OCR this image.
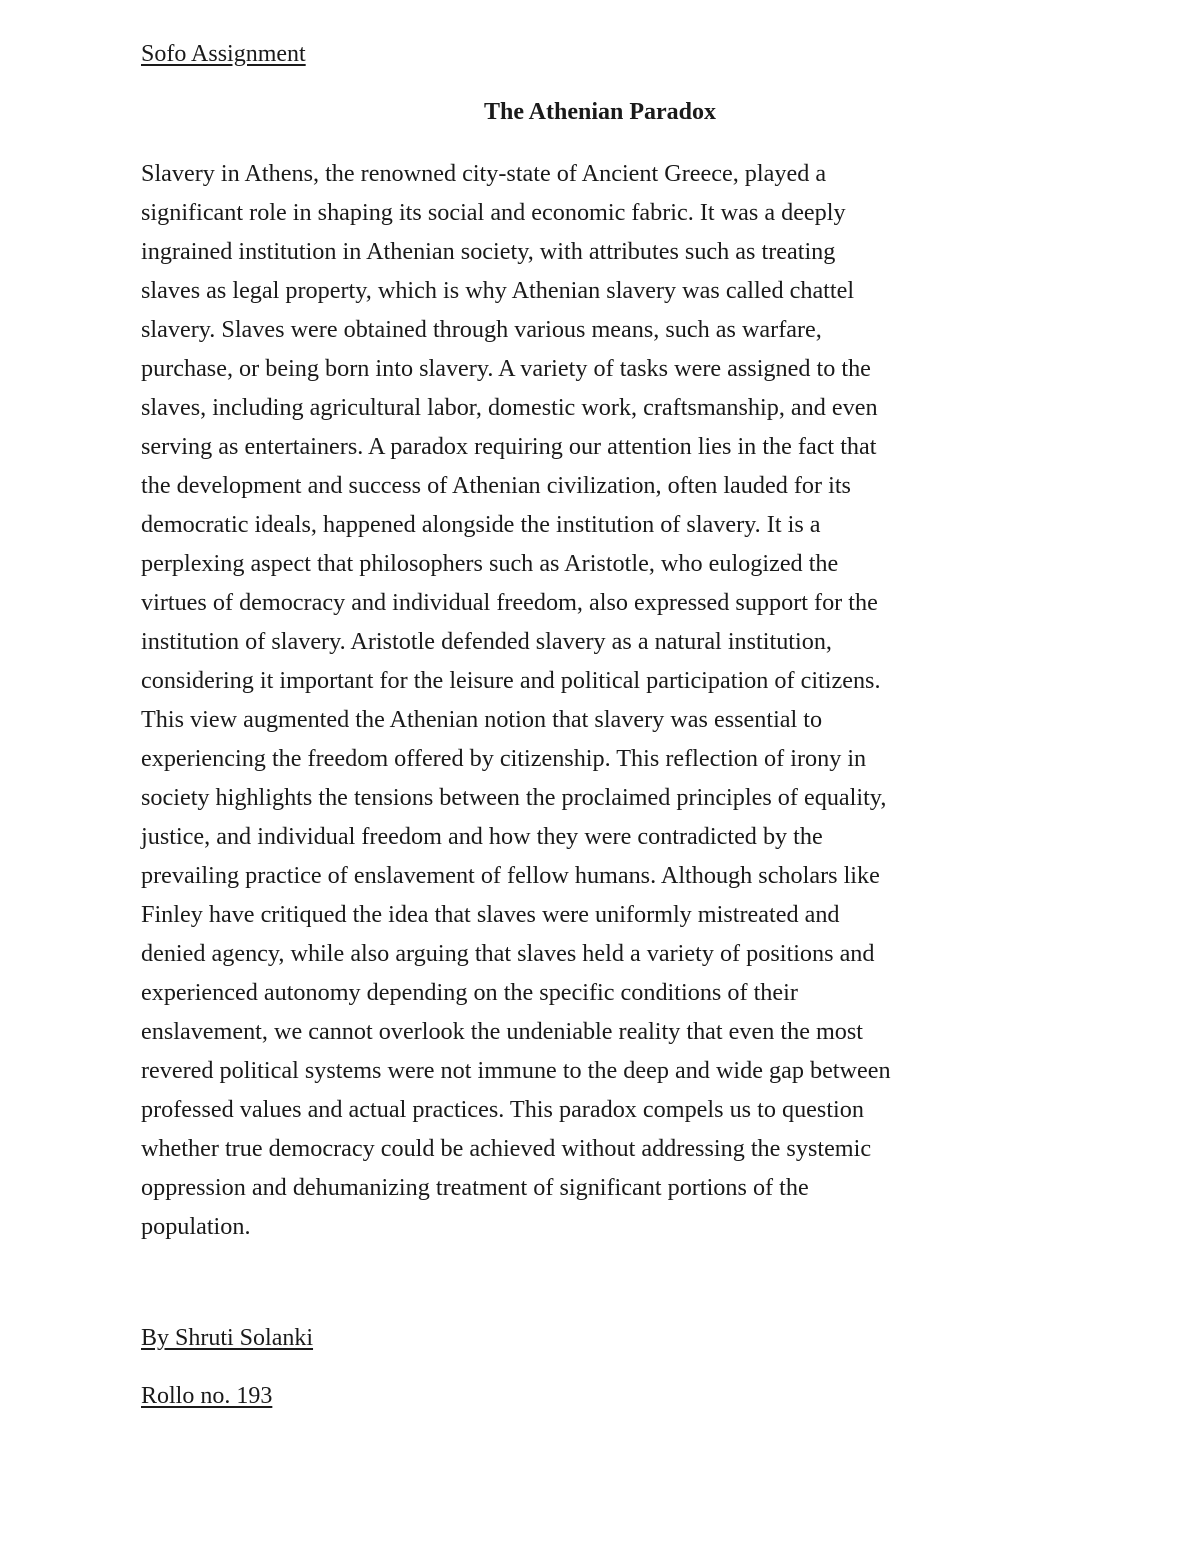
Sofo Assignment

The Athenian Paradox
Slavery in Athens, the renowned city-state of Ancient Greece, played a
significant role in shaping its social and economic fabric. It was a deeply
ingrained institution in Athenian society, with attributes such as treating
slaves as legal property, which is why Athenian slavery was called chattel
slavery. Slaves were obtained through various means, such as warfare,
purchase, or being born into slavery. A variety of tasks were assigned to the
slaves, including agricultural labor, domestic work, craftsmanship, and even
serving as entertainers. A paradox requiring our attention lies in the fact that
the development and success of Athenian civilization, often lauded for its
democratic ideals, happened alongside the institution of slavery. It is a
perplexing aspect that philosophers such as Aristotle, who eulogized the
virtues of democracy and individual freedom, also expressed support for the
institution of slavery. Aristotle defended slavery as a natural institution,
considering it important for the leisure and political participation of citizens.
This view augmented the Athenian notion that slavery was essential to
experiencing the freedom offered by citizenship. This reflection of irony in
society highlights the tensions between the proclaimed principles of equality,
justice, and individual freedom and how they were contradicted by the
prevailing practice of enslavement of fellow humans. Although scholars like
Finley have critiqued the idea that slaves were uniformly mistreated and
denied agency, while also arguing that slaves held a variety of positions and
experienced autonomy depending on the specific conditions of their
enslavement, we cannot overlook the undeniable reality that even the most
revered political systems were not immune to the deep and wide gap between
professed values and actual practices. This paradox compels us to question
whether true democracy could be achieved without addressing the systemic
oppression and dehumanizing treatment of significant portions of the
population.

By Shruti Solanki

Rollo no. 193
